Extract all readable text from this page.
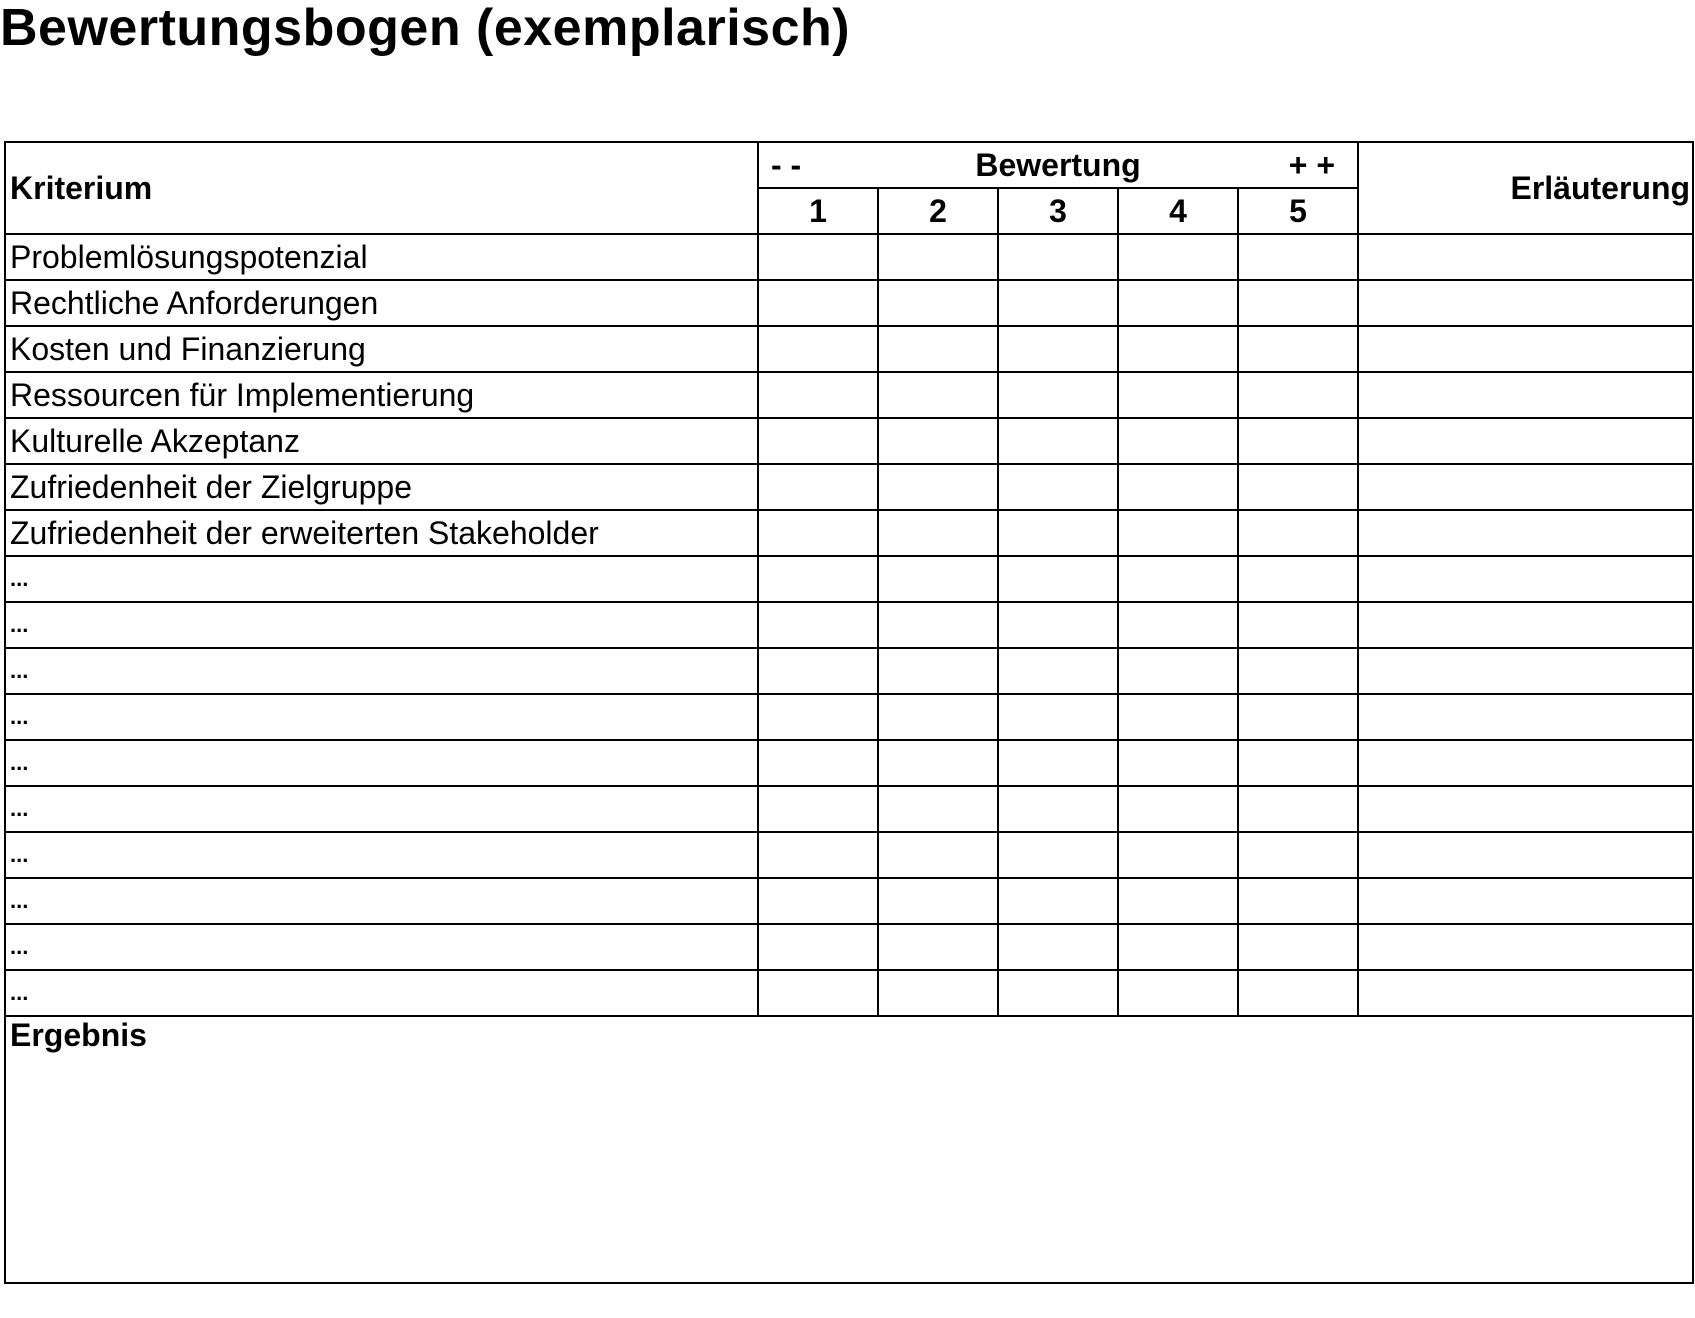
Bewertungsbogen (exemplarisch)
Kriterium	- - Bewertung + +					Erläuterung
	1	2	3	4	5	
Problemlösungspotenzial						
Rechtliche Anforderungen						
Kosten und Finanzierung						
Ressourcen für Implementierung						
Kulturelle Akzeptanz						
Zufriedenheit der Zielgruppe						
Zufriedenheit der erweiterten Stakeholder						
...						
...						
...						
...						
...						
...						
...						
...						
...						
...						
Ergebnis						
